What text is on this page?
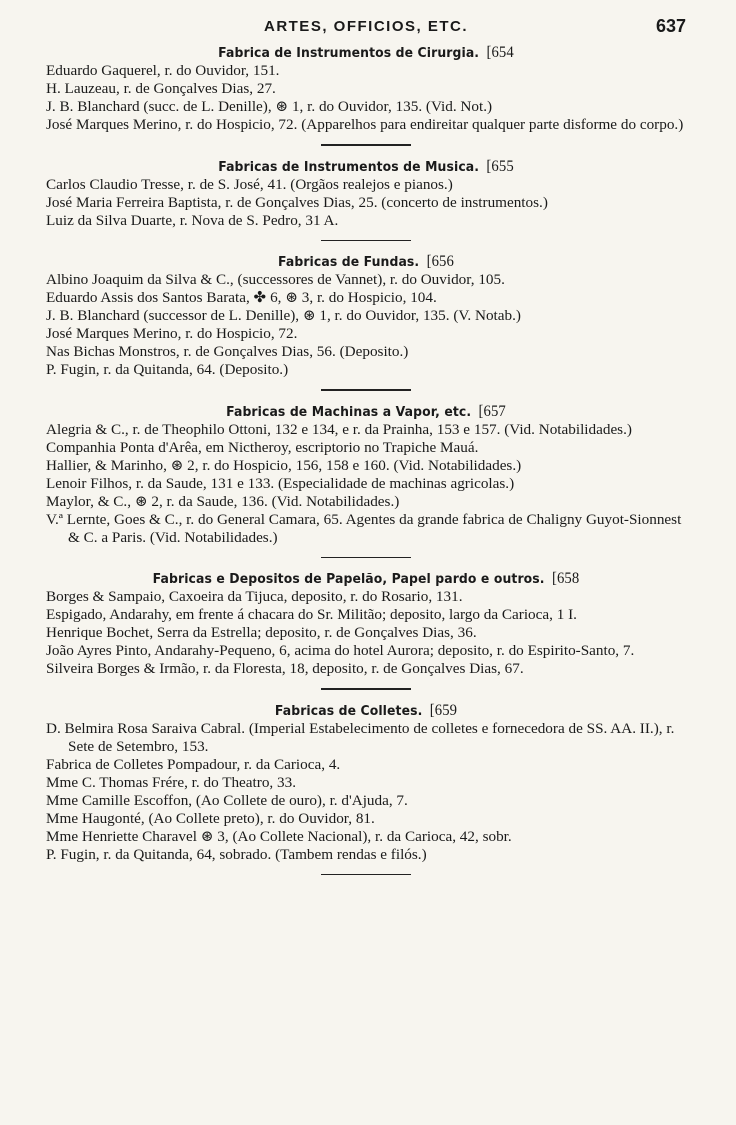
ARTES, OFFICIOS, ETC.	637
Fabrica de Instrumentos de Cirurgia. [654

Eduardo Gaquerel, r. do Ouvidor, 151.

H. Lauzeau, r. de Gonçalves Dias, 27.

J. B. Blanchard (succ. de L. Denille), ⊛ 1, r. do Ouvidor, 135. (Vid. Not.)

José Marques Merino, r. do Hospicio, 72. (Apparelhos para endireitar qualquer parte disforme do corpo.)

Fabricas de Instrumentos de Musica. [655

Carlos Claudio Tresse, r. de S. José, 41. (Orgãos realejos e pianos.)

José Maria Ferreira Baptista, r. de Gonçalves Dias, 25. (concerto de instrumentos.)

Luiz da Silva Duarte, r. Nova de S. Pedro, 31 A.

Fabricas de Fundas. [656

Albino Joaquim da Silva & C., (successores de Vannet), r. do Ouvidor, 105.

Eduardo Assis dos Santos Barata, ✤ 6, ⊛ 3, r. do Hospicio, 104.

J. B. Blanchard (successor de L. Denille), ⊛ 1, r. do Ouvidor, 135. (V. Notab.)

José Marques Merino, r. do Hospicio, 72.

Nas Bichas Monstros, r. de Gonçalves Dias, 56. (Deposito.)

P. Fugin, r. da Quitanda, 64. (Deposito.)

Fabricas de Machinas a Vapor, etc. [657

Alegria & C., r. de Theophilo Ottoni, 132 e 134, e r. da Prainha, 153 e 157. (Vid. Notabilidades.)

Companhia Ponta d'Arêa, em Nictheroy, escriptorio no Trapiche Mauá.

Hallier, & Marinho, ⊛ 2, r. do Hospicio, 156, 158 e 160. (Vid. Notabilidades.)

Lenoir Filhos, r. da Saude, 131 e 133. (Especialidade de machinas agricolas.)

Maylor, & C., ⊛ 2, r. da Saude, 136. (Vid. Notabilidades.)

V.ª Lernte, Goes & C., r. do General Camara, 65. Agentes da grande fabrica de Chaligny Guyot-Sionnest & C. a Paris. (Vid. Notabilidades.)

Fabricas e Depositos de Papelão, Papel pardo e outros. [658

Borges & Sampaio, Caxoeira da Tijuca, deposito, r. do Rosario, 131.

Espigado, Andarahy, em frente á chacara do Sr. Militão; deposito, largo da Carioca, 1 I.

Henrique Bochet, Serra da Estrella; deposito, r. de Gonçalves Dias, 36.

João Ayres Pinto, Andarahy-Pequeno, 6, acima do hotel Aurora; deposito, r. do Espirito-Santo, 7.

Silveira Borges & Irmão, r. da Floresta, 18, deposito, r. de Gonçalves Dias, 67.

Fabricas de Colletes. [659

D. Belmira Rosa Saraiva Cabral. (Imperial Estabelecimento de colletes e fornecedora de SS. AA. II.), r. Sete de Setembro, 153.

Fabrica de Colletes Pompadour, r. da Carioca, 4.

Mme C. Thomas Frére, r. do Theatro, 33.

Mme Camille Escoffon, (Ao Collete de ouro), r. d'Ajuda, 7.

Mme Haugonté, (Ao Collete preto), r. do Ouvidor, 81.

Mme Henriette Charavel ⊛ 3, (Ao Collete Nacional), r. da Carioca, 42, sobr.

P. Fugin, r. da Quitanda, 64, sobrado. (Tambem rendas e filós.)
